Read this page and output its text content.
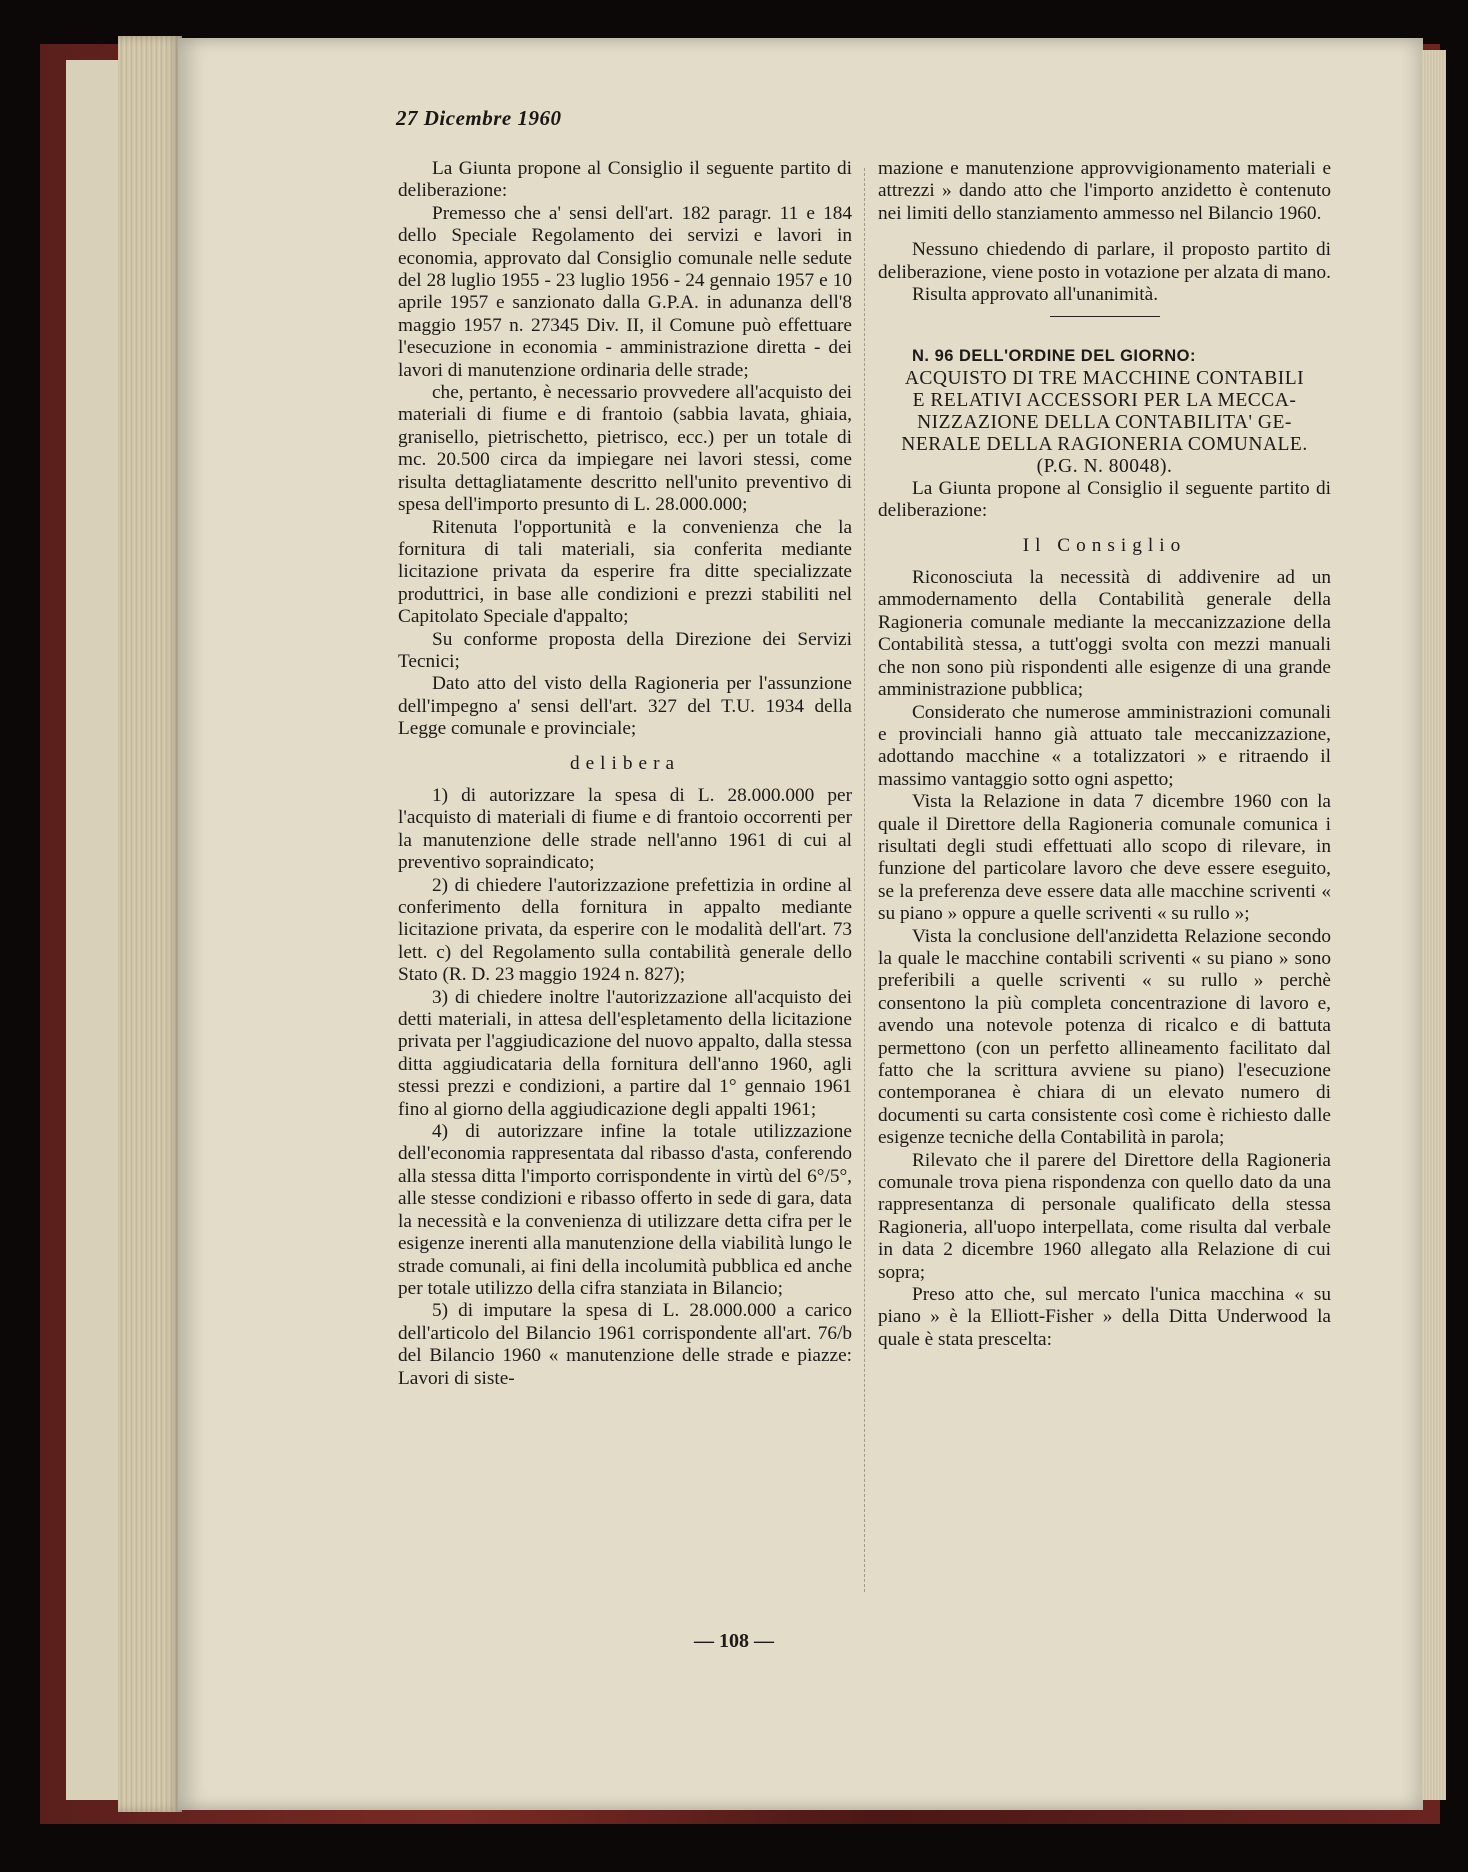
27 Dicembre 1960

La Giunta propone al Consiglio il seguente partito di deliberazione:

Premesso che a' sensi dell'art. 182 paragr. 11 e 184 dello Speciale Regolamento dei servizi e lavori in economia, approvato dal Consiglio comunale nelle sedute del 28 luglio 1955 - 23 luglio 1956 - 24 gennaio 1957 e 10 aprile 1957 e sanzionato dalla G.P.A. in adunanza dell'8 maggio 1957 n. 27345 Div. II, il Comune può effettuare l'esecuzione in economia - amministrazione diretta - dei lavori di manutenzione ordinaria delle strade;

che, pertanto, è necessario provvedere all'acquisto dei materiali di fiume e di frantoio (sabbia lavata, ghiaia, granisello, pietrischetto, pietrisco, ecc.) per un totale di mc. 20.500 circa da impiegare nei lavori stessi, come risulta dettagliatamente descritto nell'unito preventivo di spesa dell'importo presunto di L. 28.000.000;

Ritenuta l'opportunità e la convenienza che la fornitura di tali materiali, sia conferita mediante licitazione privata da esperire fra ditte specializzate produttrici, in base alle condizioni e prezzi stabiliti nel Capitolato Speciale d'appalto;

Su conforme proposta della Direzione dei Servizi Tecnici;

Dato atto del visto della Ragioneria per l'assunzione dell'impegno a' sensi dell'art. 327 del T.U. 1934 della Legge comunale e provinciale;

delibera

1) di autorizzare la spesa di L. 28.000.000 per l'acquisto di materiali di fiume e di frantoio occorrenti per la manutenzione delle strade nell'anno 1961 di cui al preventivo sopraindicato;

2) di chiedere l'autorizzazione prefettizia in ordine al conferimento della fornitura in appalto mediante licitazione privata, da esperire con le modalità dell'art. 73 lett. c) del Regolamento sulla contabilità generale dello Stato (R. D. 23 maggio 1924 n. 827);

3) di chiedere inoltre l'autorizzazione all'acquisto dei detti materiali, in attesa dell'espletamento della licitazione privata per l'aggiudicazione del nuovo appalto, dalla stessa ditta aggiudicataria della fornitura dell'anno 1960, agli stessi prezzi e condizioni, a partire dal 1° gennaio 1961 fino al giorno della aggiudicazione degli appalti 1961;

4) di autorizzare infine la totale utilizzazione dell'economia rappresentata dal ribasso d'asta, conferendo alla stessa ditta l'importo corrispondente in virtù del 6°/5°, alle stesse condizioni e ribasso offerto in sede di gara, data la necessità e la convenienza di utilizzare detta cifra per le esigenze inerenti alla manutenzione della viabilità lungo le strade comunali, ai fini della incolumità pubblica ed anche per totale utilizzo della cifra stanziata in Bilancio;

5) di imputare la spesa di L. 28.000.000 a carico dell'articolo del Bilancio 1961 corrispondente all'art. 76/b del Bilancio 1960 « manutenzione delle strade e piazze: Lavori di siste-

mazione e manutenzione approvvigionamento materiali e attrezzi » dando atto che l'importo anzidetto è contenuto nei limiti dello stanziamento ammesso nel Bilancio 1960.

Nessuno chiedendo di parlare, il proposto partito di deliberazione, viene posto in votazione per alzata di mano.

Risulta approvato all'unanimità.

N. 96 DELL'ORDINE DEL GIORNO:

ACQUISTO DI TRE MACCHINE CONTABILI
E RELATIVI ACCESSORI PER LA MECCA-
NIZZAZIONE DELLA CONTABILITA' GE-
NERALE DELLA RAGIONERIA COMUNALE.
(P.G. N. 80048).

La Giunta propone al Consiglio il seguente partito di deliberazione:

Il Consiglio

Riconosciuta la necessità di addivenire ad un ammodernamento della Contabilità generale della Ragioneria comunale mediante la meccanizzazione della Contabilità stessa, a tutt'oggi svolta con mezzi manuali che non sono più rispondenti alle esigenze di una grande amministrazione pubblica;

Considerato che numerose amministrazioni comunali e provinciali hanno già attuato tale meccanizzazione, adottando macchine « a totalizzatori » e ritraendo il massimo vantaggio sotto ogni aspetto;

Vista la Relazione in data 7 dicembre 1960 con la quale il Direttore della Ragioneria comunale comunica i risultati degli studi effettuati allo scopo di rilevare, in funzione del particolare lavoro che deve essere eseguito, se la preferenza deve essere data alle macchine scriventi « su piano » oppure a quelle scriventi « su rullo »;

Vista la conclusione dell'anzidetta Relazione secondo la quale le macchine contabili scriventi « su piano » sono preferibili a quelle scriventi « su rullo » perchè consentono la più completa concentrazione di lavoro e, avendo una notevole potenza di ricalco e di battuta permettono (con un perfetto allineamento facilitato dal fatto che la scrittura avviene su piano) l'esecuzione contemporanea è chiara di un elevato numero di documenti su carta consistente così come è richiesto dalle esigenze tecniche della Contabilità in parola;

Rilevato che il parere del Direttore della Ragioneria comunale trova piena rispondenza con quello dato da una rappresentanza di personale qualificato della stessa Ragioneria, all'uopo interpellata, come risulta dal verbale in data 2 dicembre 1960 allegato alla Relazione di cui sopra;

Preso atto che, sul mercato l'unica macchina « su piano » è la Elliott-Fisher » della Ditta Underwood la quale è stata prescelta:

— 108 —
